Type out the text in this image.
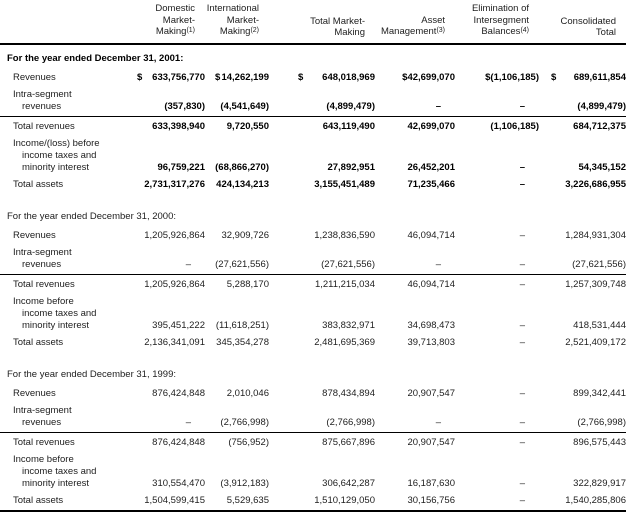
Domestic
Market-
Making$^{(1)}$

International
Market-
Making$^{(2)}$

Total Market-
Making

Asset
Management$^{(3)}$

Elimination of
Intersegment
Balances$^{(4)}$

Consolidated
Total

For the year ended December 31, 2001:						

Revenues	$ 633,756,770	$ 14,262,199	$ 648,018,969	$42,699,070	$(1,106,185)	$ 689,611,854

Intra-segment
revenues	(357,830)	(4,541,649)	(4,899,479)	–	–	(4,899,479)

Total revenues	633,398,940	9,720,550	643,119,490	42,699,070	(1,106,185)	684,712,375

Income/(loss) before
income taxes and
minority interest	96,759,221	(68,866,270)	27,892,951	26,452,201	–	54,345,152

Total assets	2,731,317,276	424,134,213	3,155,451,489	71,235,466	–	3,226,686,955
For the year ended December 31, 2000:						

Revenues	1,205,926,864	32,909,726	1,238,836,590	46,094,714	–	1,284,931,304

Intra-segment
revenues	–	(27,621,556)	(27,621,556)	–	–	(27,621,556)

Total revenues	1,205,926,864	5,288,170	1,211,215,034	46,094,714	–	1,257,309,748

Income before
income taxes and
minority interest	395,451,222	(11,618,251)	383,832,971	34,698,473	–	418,531,444

Total assets	2,136,341,091	345,354,278	2,481,695,369	39,713,803	–	2,521,409,172
For the year ended December 31, 1999:						

Revenues	876,424,848	2,010,046	878,434,894	20,907,547	–	899,342,441

Intra-segment
revenues	–	(2,766,998)	(2,766,998)	–	–	(2,766,998)

Total revenues	876,424,848	(756,952)	875,667,896	20,907,547	–	896,575,443

Income before
income taxes and
minority interest	310,554,470	(3,912,183)	306,642,287	16,187,630	–	322,829,917

Total assets	1,504,599,415	5,529,635	1,510,129,050	30,156,756	–	1,540,285,806
